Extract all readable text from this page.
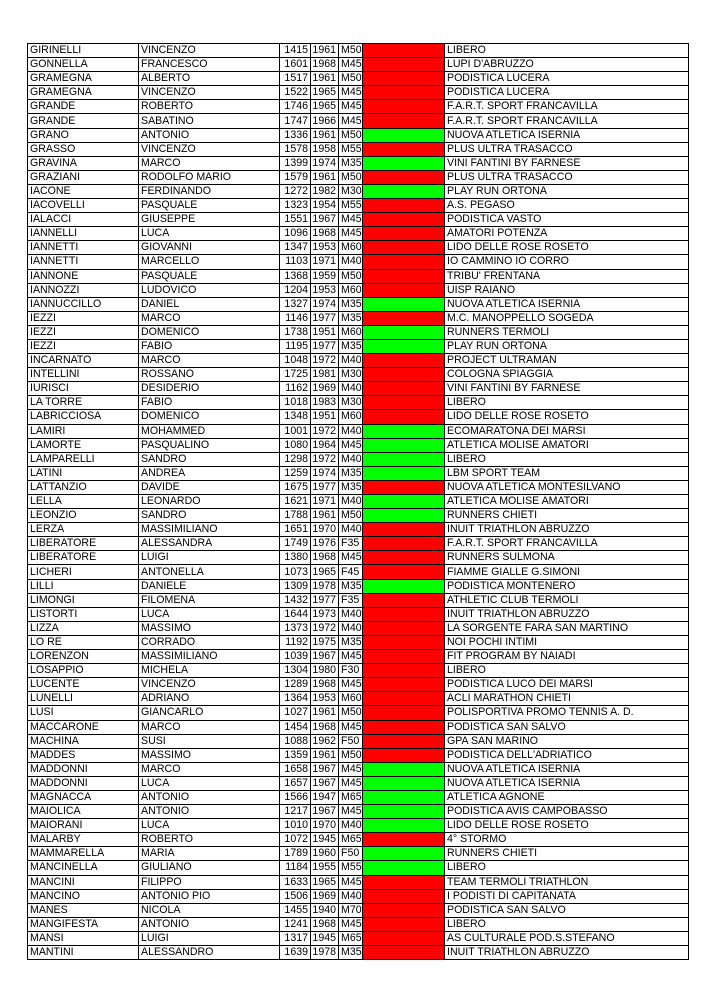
GIRINELLI	VINCENZO	1415	1961	M50		LIBERO
GONNELLA	FRANCESCO	1601	1968	M45		LUPI D'ABRUZZO
GRAMEGNA	ALBERTO	1517	1961	M50		PODISTICA LUCERA
GRAMEGNA	VINCENZO	1522	1965	M45		PODISTICA LUCERA
GRANDE	ROBERTO	1746	1965	M45		F.A.R.T. SPORT FRANCAVILLA
GRANDE	SABATINO	1747	1966	M45		F.A.R.T. SPORT FRANCAVILLA
GRANO	ANTONIO	1336	1961	M50		NUOVA ATLETICA ISERNIA
GRASSO	VINCENZO	1578	1958	M55		PLUS ULTRA TRASACCO
GRAVINA	MARCO	1399	1974	M35		VINI FANTINI BY FARNESE
GRAZIANI	RODOLFO MARIO	1579	1961	M50		PLUS ULTRA TRASACCO
IACONE	FERDINANDO	1272	1982	M30		PLAY RUN ORTONA
IACOVELLI	PASQUALE	1323	1954	M55		A.S. PEGASO
IALACCI	GIUSEPPE	1551	1967	M45		PODISTICA VASTO
IANNELLI	LUCA	1096	1968	M45		AMATORI POTENZA
IANNETTI	GIOVANNI	1347	1953	M60		LIDO DELLE ROSE ROSETO
IANNETTI	MARCELLO	1103	1971	M40		IO CAMMINO IO CORRO
IANNONE	PASQUALE	1368	1959	M50		TRIBU' FRENTANA
IANNOZZI	LUDOVICO	1204	1953	M60		UISP RAIANO
IANNUCCILLO	DANIEL	1327	1974	M35		NUOVA ATLETICA ISERNIA
IEZZI	MARCO	1146	1977	M35		M.C. MANOPPELLO SOGEDA
IEZZI	DOMENICO	1738	1951	M60		RUNNERS TERMOLI
IEZZI	FABIO	1195	1977	M35		PLAY RUN ORTONA
INCARNATO	MARCO	1048	1972	M40		PROJECT ULTRAMAN
INTELLINI	ROSSANO	1725	1981	M30		COLOGNA SPIAGGIA
IURISCI	DESIDERIO	1162	1969	M40		VINI FANTINI BY FARNESE
LA TORRE	FABIO	1018	1983	M30		LIBERO
LABRICCIOSA	DOMENICO	1348	1951	M60		LIDO DELLE ROSE ROSETO
LAMIRI	MOHAMMED	1001	1972	M40		ECOMARATONA DEI MARSI
LAMORTE	PASQUALINO	1080	1964	M45		ATLETICA MOLISE AMATORI
LAMPARELLI	SANDRO	1298	1972	M40		LIBERO
LATINI	ANDREA	1259	1974	M35		LBM SPORT TEAM
LATTANZIO	DAVIDE	1675	1977	M35		NUOVA ATLETICA MONTESILVANO
LELLA	LEONARDO	1621	1971	M40		ATLETICA MOLISE AMATORI
LEONZIO	SANDRO	1788	1961	M50		RUNNERS CHIETI
LERZA	MASSIMILIANO	1651	1970	M40		INUIT TRIATHLON ABRUZZO
LIBERATORE	ALESSANDRA	1749	1976	F35		F.A.R.T. SPORT FRANCAVILLA
LIBERATORE	LUIGI	1380	1968	M45		RUNNERS SULMONA
LICHERI	ANTONELLA	1073	1965	F45		FIAMME GIALLE G.SIMONI
LILLI	DANIELE	1309	1978	M35		PODISTICA MONTENERO
LIMONGI	FILOMENA	1432	1977	F35		ATHLETIC CLUB TERMOLI
LISTORTI	LUCA	1644	1973	M40		INUIT TRIATHLON ABRUZZO
LIZZA	MASSIMO	1373	1972	M40		LA SORGENTE FARA SAN MARTINO
LO RE	CORRADO	1192	1975	M35		NOI POCHI INTIMI
LORENZON	MASSIMILIANO	1039	1967	M45		FIT PROGRAM BY NAIADI
LOSAPPIO	MICHELA	1304	1980	F30		LIBERO
LUCENTE	VINCENZO	1289	1968	M45		PODISTICA LUCO DEI MARSI
LUNELLI	ADRIANO	1364	1953	M60		ACLI MARATHON CHIETI
LUSI	GIANCARLO	1027	1961	M50		POLISPORTIVA PROMO TENNIS A. D.
MACCARONE	MARCO	1454	1968	M45		PODISTICA SAN SALVO
MACHINA	SUSI	1088	1962	F50		GPA SAN MARINO
MADDES	MASSIMO	1359	1961	M50		PODISTICA DELL'ADRIATICO
MADDONNI	MARCO	1658	1967	M45		NUOVA ATLETICA ISERNIA
MADDONNI	LUCA	1657	1967	M45		NUOVA ATLETICA ISERNIA
MAGNACCA	ANTONIO	1566	1947	M65		ATLETICA AGNONE
MAIOLICA	ANTONIO	1217	1967	M45		PODISTICA AVIS CAMPOBASSO
MAIORANI	LUCA	1010	1970	M40		LIDO DELLE ROSE ROSETO
MALARBY	ROBERTO	1072	1945	M65		4° STORMO
MAMMARELLA	MARIA	1789	1960	F50		RUNNERS CHIETI
MANCINELLA	GIULIANO	1184	1955	M55		LIBERO
MANCINI	FILIPPO	1633	1965	M45		TEAM TERMOLI TRIATHLON
MANCINO	ANTONIO PIO	1506	1969	M40		I PODISTI DI CAPITANATA
MANES	NICOLA	1455	1940	M70		PODISTICA SAN SALVO
MANGIFESTA	ANTONIO	1241	1968	M45		LIBERO
MANSI	LUIGI	1317	1945	M65		AS CULTURALE POD.S.STEFANO
MANTINI	ALESSANDRO	1639	1978	M35		INUIT TRIATHLON ABRUZZO
